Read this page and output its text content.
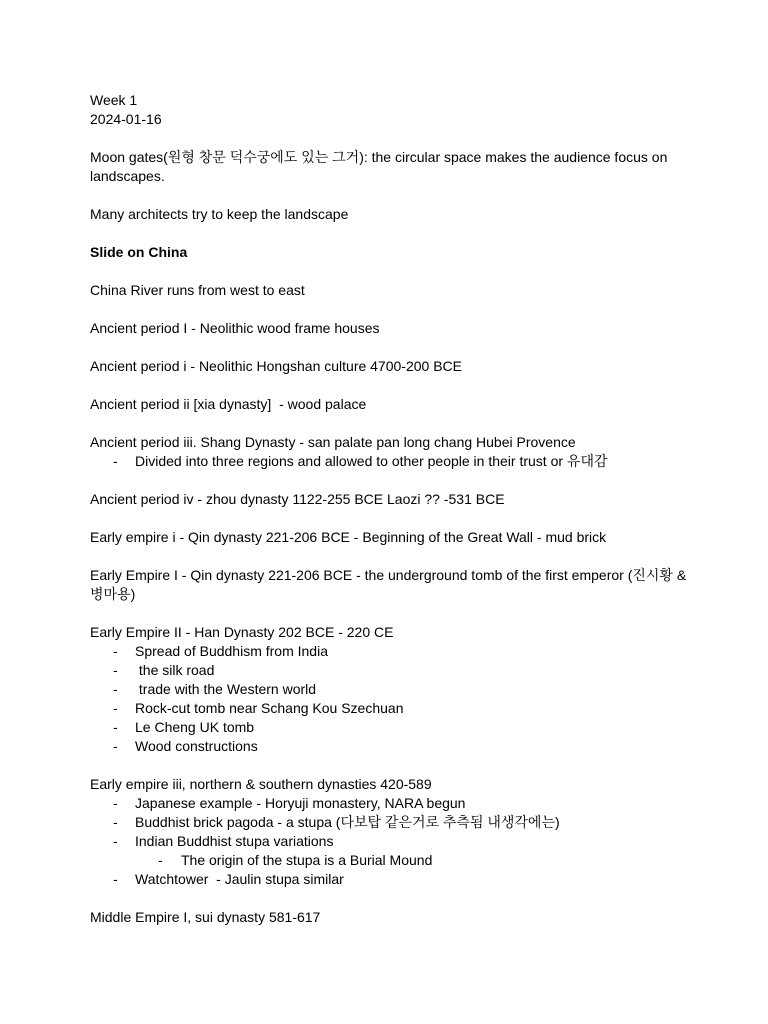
Week 1
2024-01-16
Moon gates(원형 창문 덕수궁에도 있는 그거): the circular space makes the audience focus on landscapes.
Many architects try to keep the landscape
Slide on China
China River runs from west to east
Ancient period I - Neolithic wood frame houses
Ancient period i - Neolithic Hongshan culture 4700-200 BCE
Ancient period ii [xia dynasty]  - wood palace
Ancient period iii. Shang Dynasty - san palate pan long chang Hubei Provence
- Divided into three regions and allowed to other people in their trust or 유대감
Ancient period iv - zhou dynasty 1122-255 BCE Laozi ?? -531 BCE
Early empire i - Qin dynasty 221-206 BCE - Beginning of the Great Wall - mud brick
Early Empire I - Qin dynasty 221-206 BCE - the underground tomb of the first emperor (진시황 & 병마용)
Early Empire II - Han Dynasty 202 BCE - 220 CE
- Spread of Buddhism from India
- the silk road
- trade with the Western world
- Rock-cut tomb near Schang Kou Szechuan
- Le Cheng UK tomb
- Wood constructions
Early empire iii, northern & southern dynasties 420-589
- Japanese example - Horyuji monastery, NARA begun
- Buddhist brick pagoda - a stupa (다보탑 같은거로 추측됨 내생각에는)
- Indian Buddhist stupa variations
- The origin of the stupa is a Burial Mound
- Watchtower  - Jaulin stupa similar
Middle Empire I, sui dynasty 581-617
